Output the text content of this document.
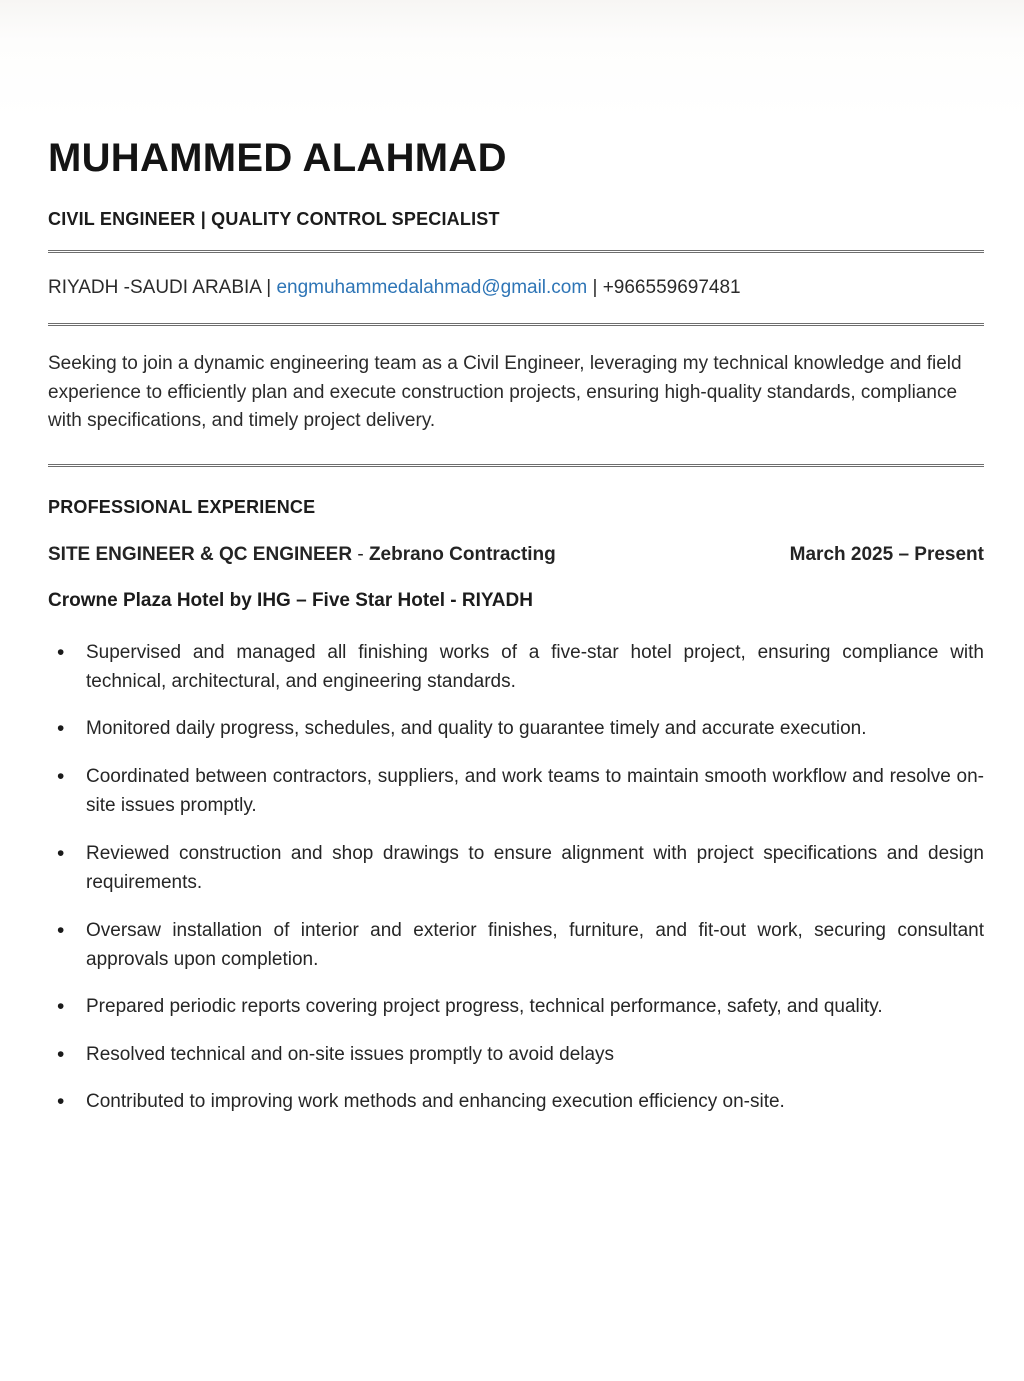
MUHAMMED ALAHMAD
CIVIL ENGINEER | QUALITY CONTROL SPECIALIST
RIYADH -SAUDI ARABIA | engmuhammedalahmad@gmail.com | +966559697481

Seeking to join a dynamic engineering team as a Civil Engineer, leveraging my technical knowledge and field experience to efficiently plan and execute construction projects, ensuring high-quality standards, compliance with specifications, and timely project delivery.

PROFESSIONAL EXPERIENCE
SITE ENGINEER & QC ENGINEER - Zebrano Contracting	March 2025 – Present
Crowne Plaza Hotel by IHG – Five Star Hotel - RIYADH
• Supervised and managed all finishing works of a five-star hotel project, ensuring compliance with technical, architectural, and engineering standards.
• Monitored daily progress, schedules, and quality to guarantee timely and accurate execution.
• Coordinated between contractors, suppliers, and work teams to maintain smooth workflow and resolve on-site issues promptly.
• Reviewed construction and shop drawings to ensure alignment with project specifications and design requirements.
• Oversaw installation of interior and exterior finishes, furniture, and fit-out work, securing consultant approvals upon completion.
• Prepared periodic reports covering project progress, technical performance, safety, and quality.
• Resolved technical and on-site issues promptly to avoid delays
• Contributed to improving work methods and enhancing execution efficiency on-site.
